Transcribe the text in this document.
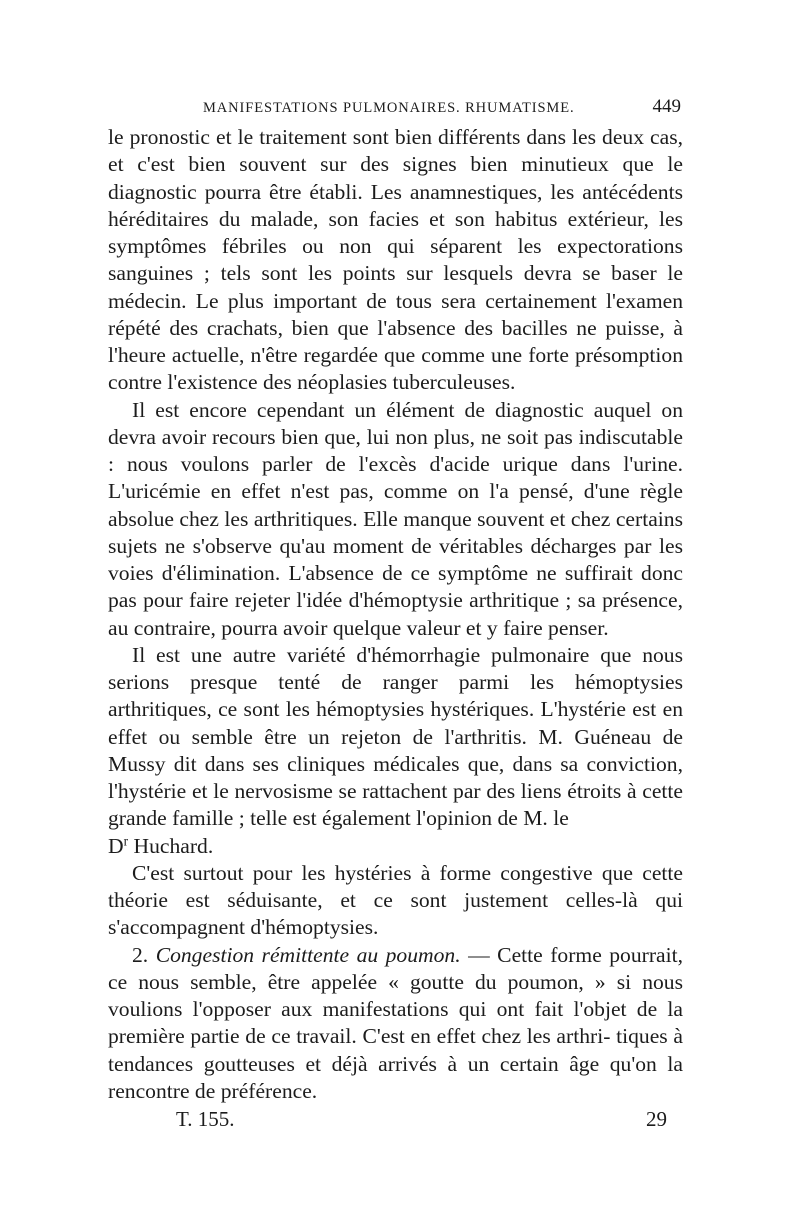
MANIFESTATIONS PULMONAIRES. RHUMATISME.	449

le pronostic et le traitement sont bien différents dans les deux cas, et c'est bien souvent sur des signes bien minutieux que le diagnostic pourra être établi. Les anamnestiques, les antécédents héréditaires du malade, son facies et son habitus extérieur, les symptômes fébriles ou non qui séparent les expectorations sanguines ; tels sont les points sur lesquels devra se baser le médecin. Le plus important de tous sera certainement l'examen répété des crachats, bien que l'absence des bacilles ne puisse, à l'heure actuelle, n'être regardée que comme une forte présomption contre l'existence des néoplasies tuberculeuses.

Il est encore cependant un élément de diagnostic auquel on devra avoir recours bien que, lui non plus, ne soit pas indiscutable : nous voulons parler de l'excès d'acide urique dans l'urine. L'uricémie en effet n'est pas, comme on l'a pensé, d'une règle absolue chez les arthritiques. Elle manque souvent et chez certains sujets ne s'observe qu'au moment de véritables décharges par les voies d'élimination. L'absence de ce symptôme ne suffirait donc pas pour faire rejeter l'idée d'hémoptysie arthritique ; sa présence, au contraire, pourra avoir quelque valeur et y faire penser.

Il est une autre variété d'hémorrhagie pulmonaire que nous serions presque tenté de ranger parmi les hémoptysies arthritiques, ce sont les hémoptysies hystériques. L'hystérie est en effet ou semble être un rejeton de l'arthritis. M. Guéneau de Mussy dit dans ses cliniques médicales que, dans sa conviction, l'hystérie et le nervosisme se rattachent par des liens étroits à cette grande famille ; telle est également l'opinion de M. le
$D^r$ Huchard.

C'est surtout pour les hystéries à forme congestive que cette théorie est séduisante, et ce sont justement celles-là qui s'accompagnent d'hémoptysies.

2. Congestion rémittente au poumon. — Cette forme pourrait, ce nous semble, être appelée « goutte du poumon, » si nous voulions l'opposer aux manifestations qui ont fait l'objet de la première partie de ce travail. C'est en effet chez les arthri- tiques à tendances goutteuses et déjà arrivés à un certain âge qu'on la rencontre de préférence.

T. 155.	29
